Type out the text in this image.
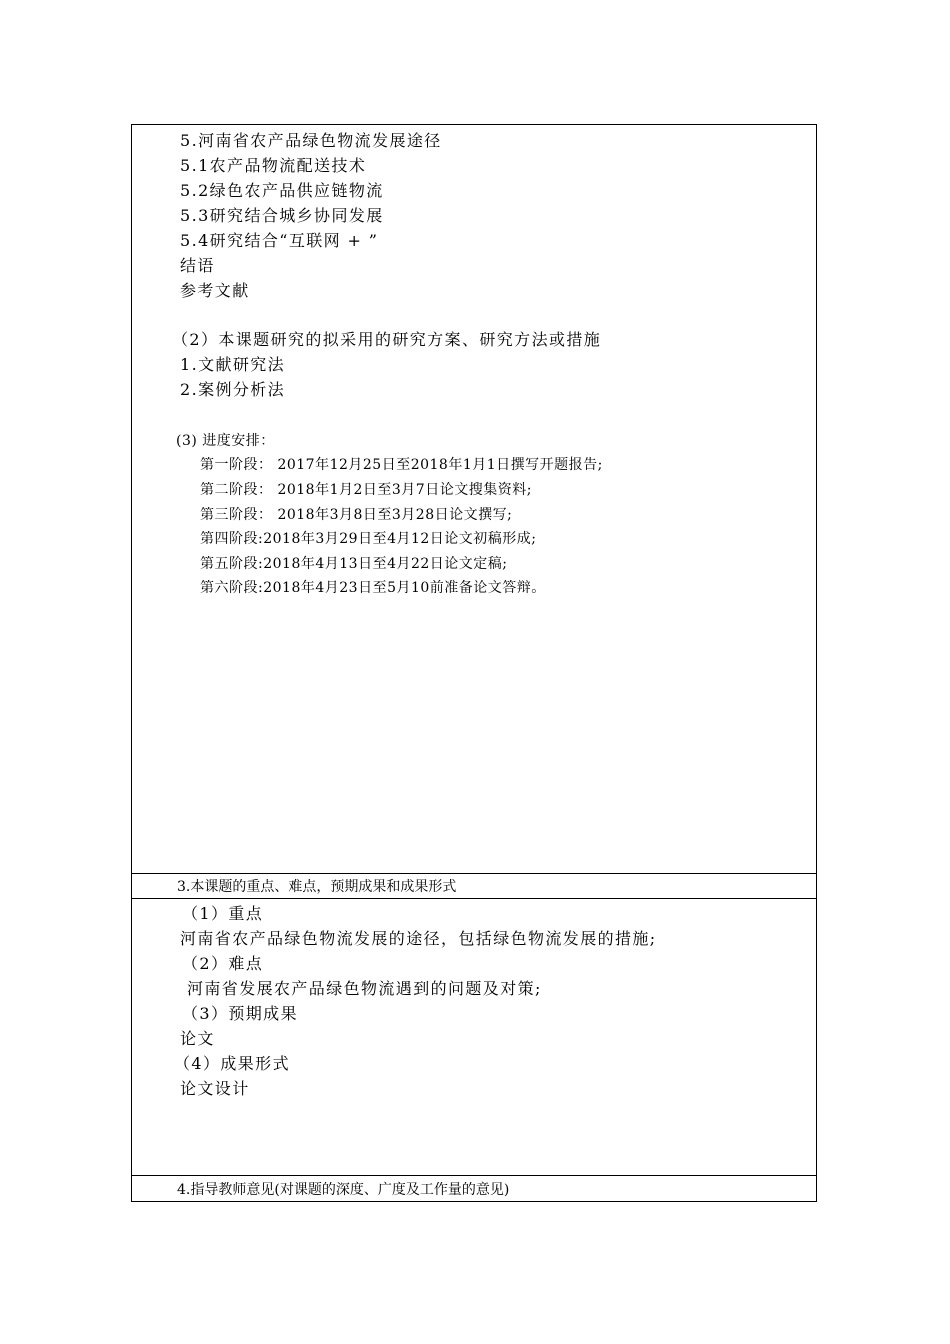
5.河南省农产品绿色物流发展途径
5.1农产品物流配送技术
5.2绿色农产品供应链物流
5.3研究结合城乡协同发展
5.4研究结合“互联网 + ”
结语
参考文献
（2）本课题研究的拟采用的研究方案、研究方法或措施
1.文献研究法
2.案例分析法
(3) 进度安排：
第一阶段： 2017年12月25日至2018年1月1日撰写开题报告;
第二阶段： 2018年1月2日至3月7日论文搜集资料;
第三阶段： 2018年3月8日至3月28日论文撰写;
第四阶段:2018年3月29日至4月12日论文初稿形成;
第五阶段:2018年4月13日至4月22日论文定稿;
第六阶段:2018年4月23日至5月10前准备论文答辩。
3.本课题的重点、难点，预期成果和成果形式
（1）重点
河南省农产品绿色物流发展的途径，包括绿色物流发展的措施;
（2）难点
河南省发展农产品绿色物流遇到的问题及对策;
（3）预期成果
论文
（4）成果形式
论文设计
4.指导教师意见(对课题的深度、广度及工作量的意见)
